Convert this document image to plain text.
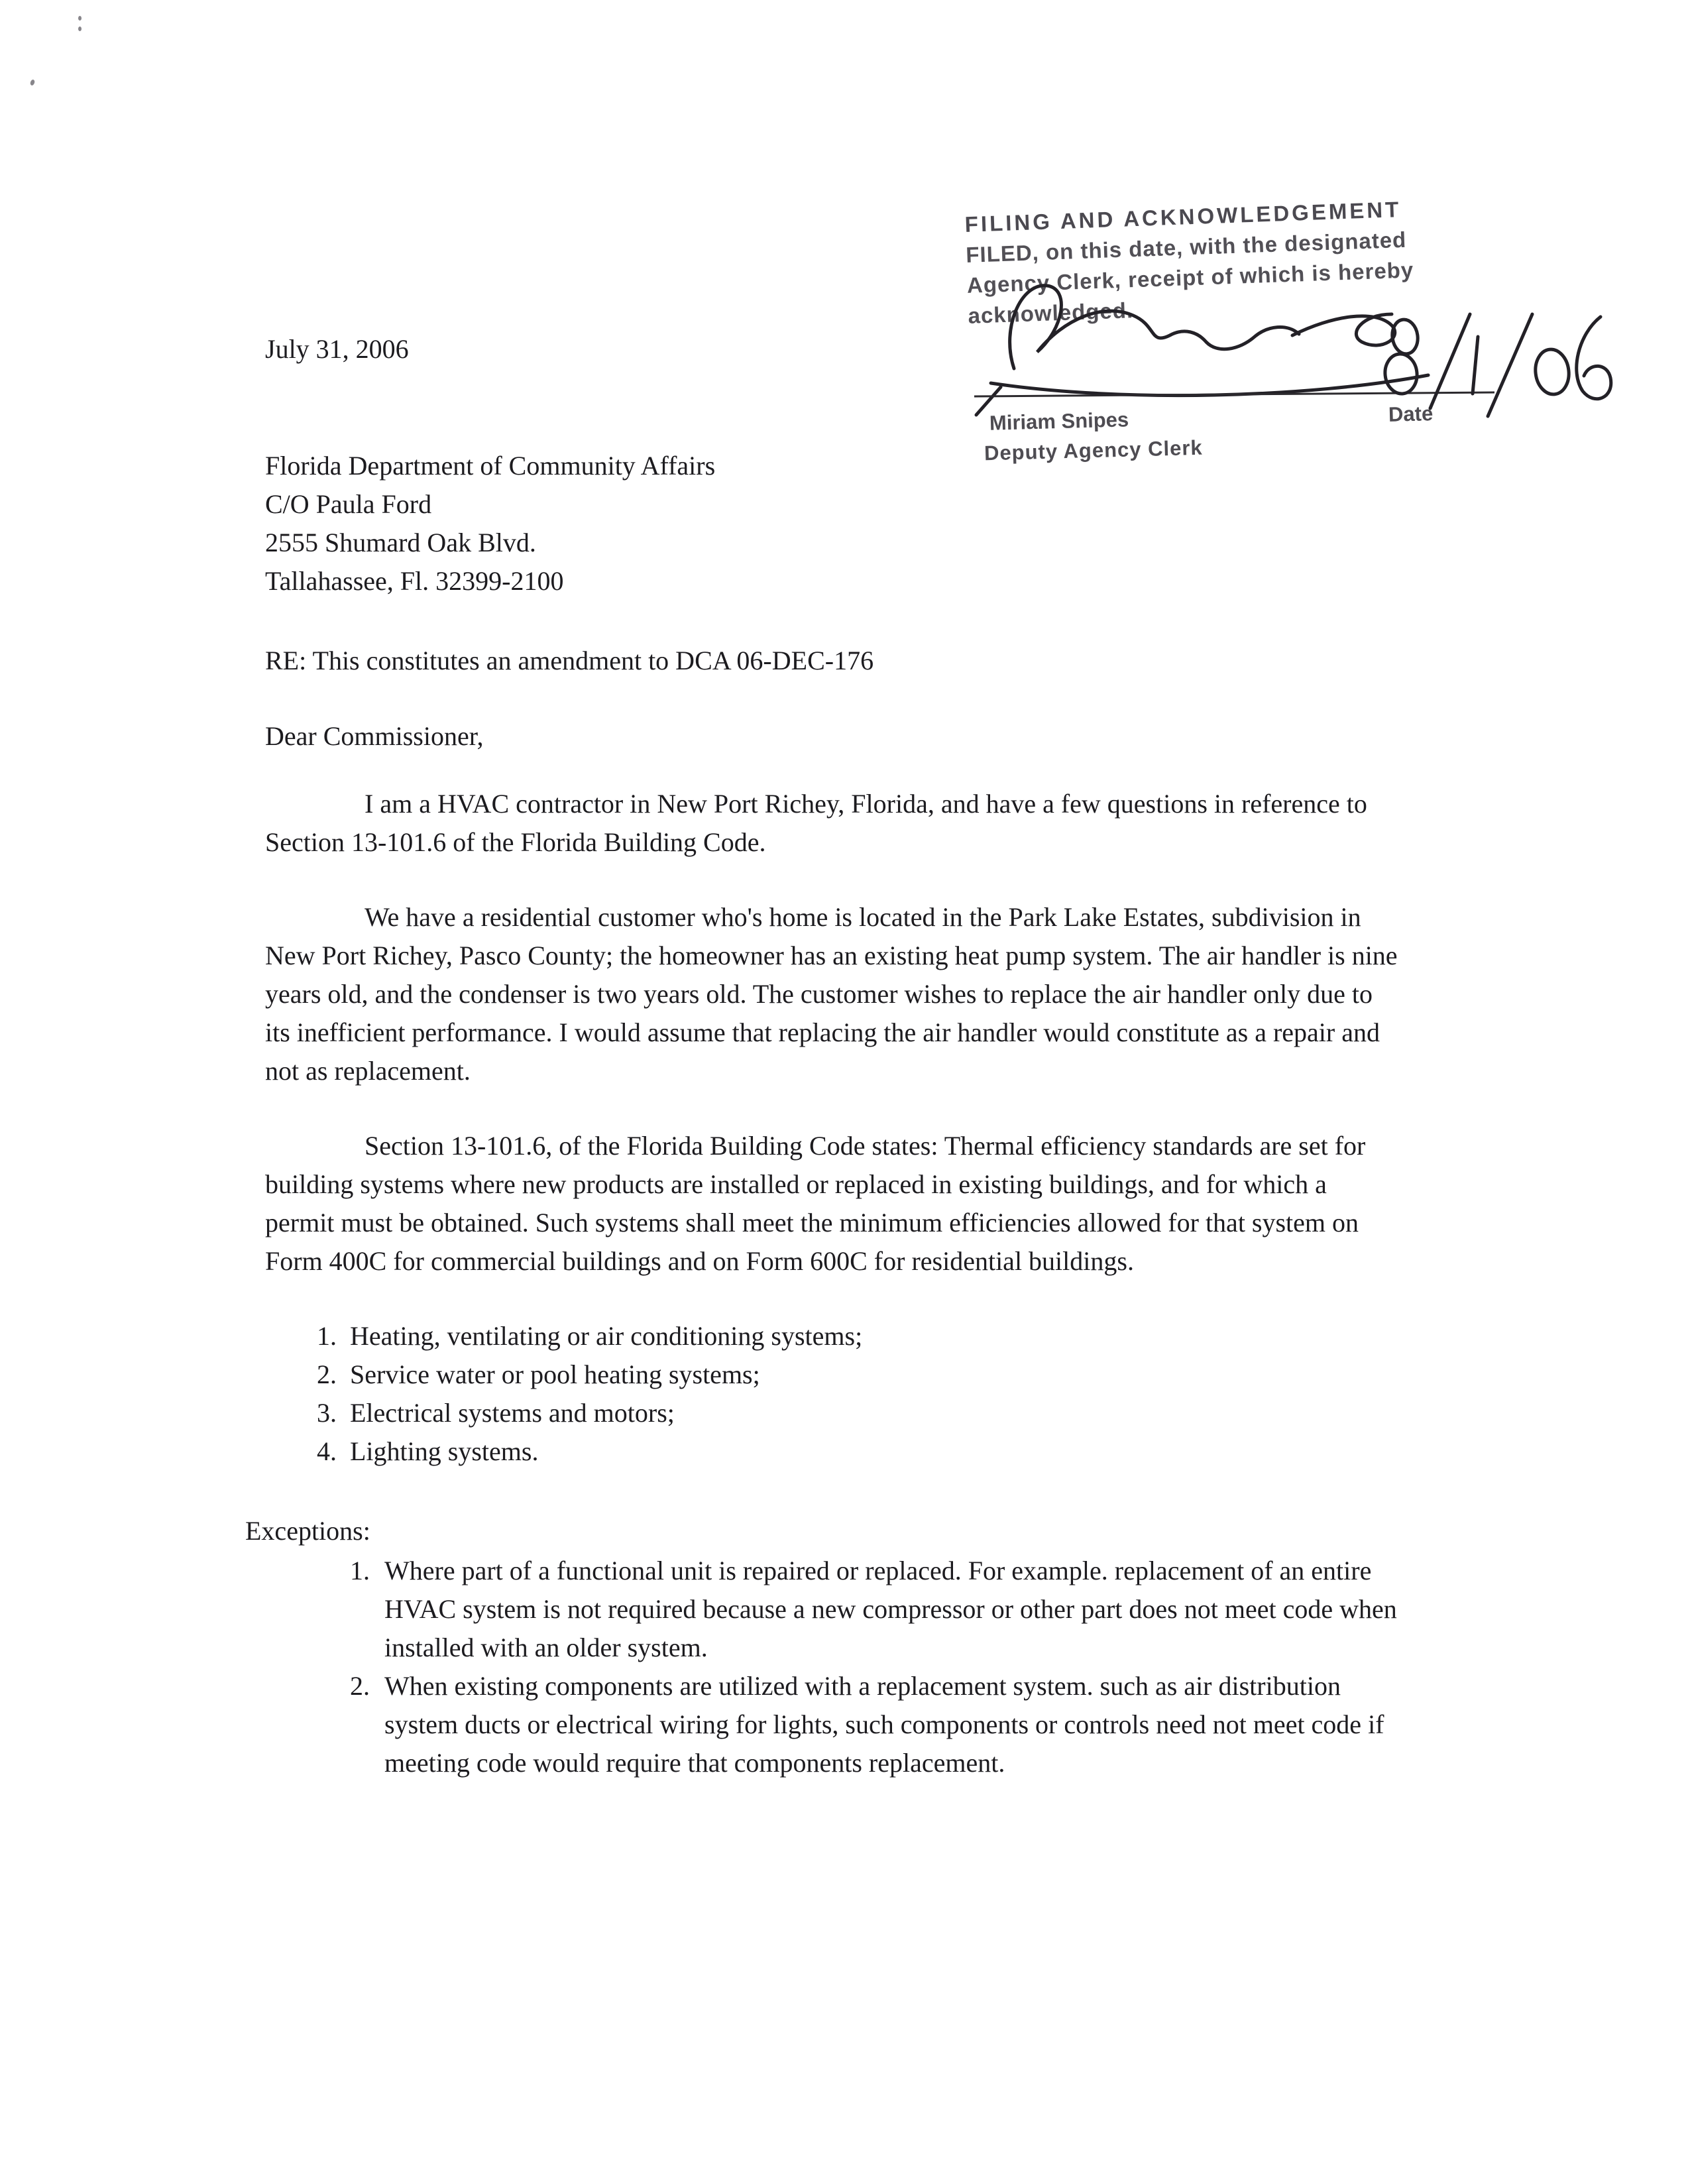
FILING AND ACKNOWLEDGEMENT
FILED, on this date, with the designated
Agency Clerk, receipt of which is hereby
acknowledged.
Miriam Snipes
Deputy Agency Clerk
Date
July 31, 2006
Florida Department of Community Affairs
C/O Paula Ford
2555 Shumard Oak Blvd.
Tallahassee, Fl. 32399-2100
RE: This constitutes an amendment to DCA 06-DEC-176
Dear Commissioner,

I am a HVAC contractor in New Port Richey, Florida, and have a few questions in reference to Section 13-101.6 of the Florida Building Code.

We have a residential customer who's home is located in the Park Lake Estates, subdivision in New Port Richey, Pasco County; the homeowner has an existing heat pump system. The air handler is nine years old, and the condenser is two years old. The customer wishes to replace the air handler only due to its inefficient performance. I would assume that replacing the air handler would constitute as a repair and not as replacement.

Section 13-101.6, of the Florida Building Code states: Thermal efficiency standards are set for building systems where new products are installed or replaced in existing buildings, and for which a permit must be obtained. Such systems shall meet the minimum efficiencies allowed for that system on Form 400C for commercial buildings and on Form 600C for residential buildings.

1. Heating, ventilating or air conditioning systems;
2. Service water or pool heating systems;
3. Electrical systems and motors;
4. Lighting systems.
Exceptions:
1. Where part of a functional unit is repaired or replaced. For example. replacement of an entire HVAC system is not required because a new compressor or other part does not meet code when installed with an older system.
2. When existing components are utilized with a replacement system. such as air distribution system ducts or electrical wiring for lights, such components or controls need not meet code if meeting code would require that components replacement.
